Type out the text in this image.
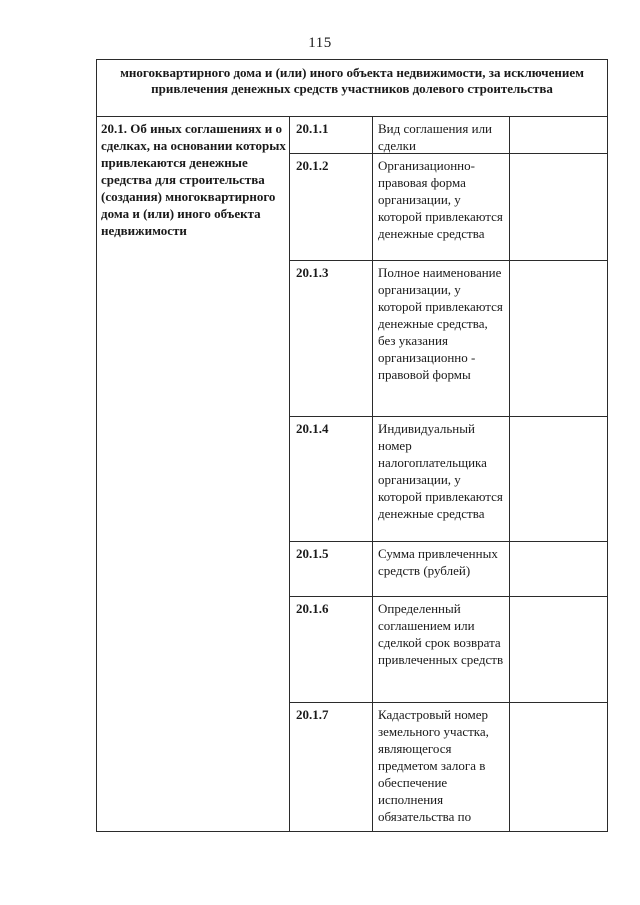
115
многоквартирного дома и (или) иного объекта недвижимости, за исключением привлечения денежных средств участников долевого строительства			
20.1. Об иных соглашениях и о сделках, на основании которых привлекаются денежные средства для строительства (создания) многоквартирного дома и (или) иного объекта недвижимости	20.1.1	Вид соглашения или сделки	

	20.1.2	Организационно-правовая форма организации, у которой привлекаются денежные средства	

	20.1.3	Полное наименование организации, у которой привлекаются денежные средства, без указания организационно - правовой формы	

	20.1.4	Индивидуальный номер налогоплательщика организации, у которой привлекаются денежные средства	

	20.1.5	Сумма привлеченных средств (рублей)	

	20.1.6	Определенный соглашением или сделкой срок возврата привлеченных средств	

	20.1.7	Кадастровый номер земельного участка, являющегося предметом залога в обеспечение исполнения обязательства по	
